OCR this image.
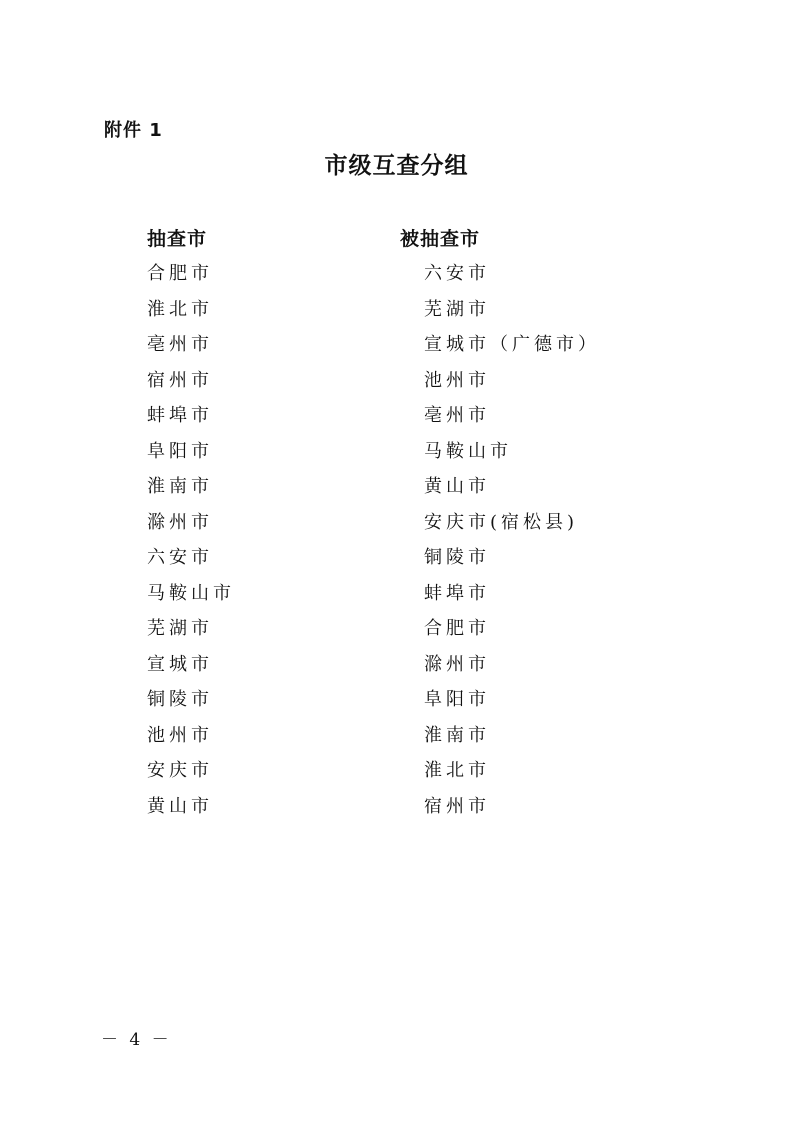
附件 1
市级互查分组
抽查市	被抽查市
合肥市
淮北市
亳州市
宿州市
蚌埠市
阜阳市
淮南市
滁州市
六安市
马鞍山市
芜湖市
宣城市
铜陵市
池州市
安庆市
黄山市
六安市
芜湖市
宣城市（广德市）
池州市
亳州市
马鞍山市
黄山市
安庆市(宿松县)
铜陵市
蚌埠市
合肥市
滁州市
阜阳市
淮南市
淮北市
宿州市
－ 4 －
